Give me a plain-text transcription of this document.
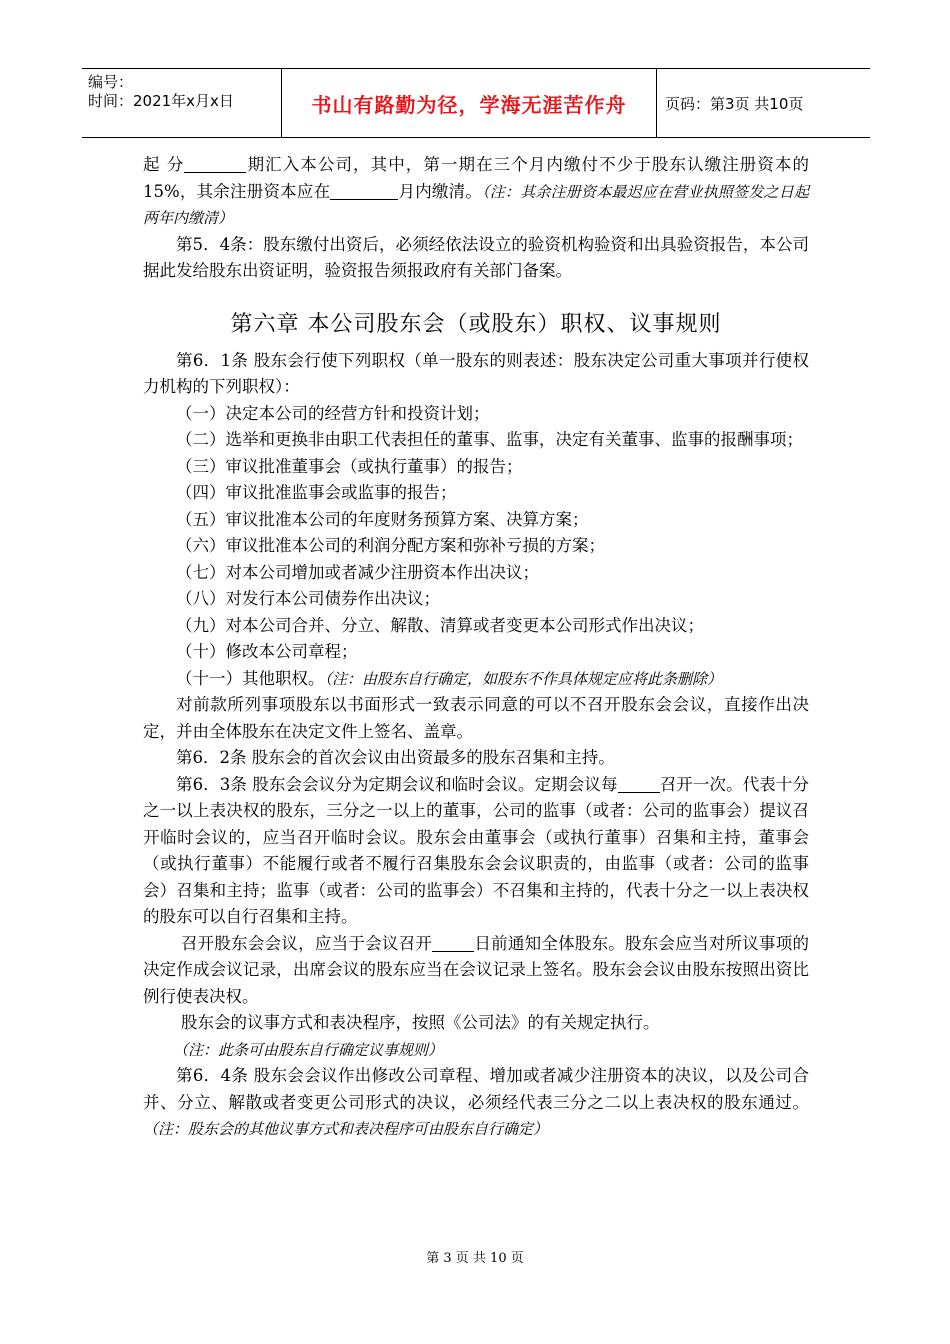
编号：
时间：2021年x月x日	书山有路勤为径，学海无涯苦作舟	页码：第3页 共10页

起 分	期汇入本公司，其中，第一期在三个月内缴付不少于股东认缴注册资本的15%，其余注册资本应在	月内缴清。（注：其余注册资本最迟应在营业执照签发之日起两年内缴清）

第5．4条：股东缴付出资后，必须经依法设立的验资机构验资和出具验资报告，本公司据此发给股东出资证明，验资报告须报政府有关部门备案。

第六章 本公司股东会（或股东）职权、议事规则

第6．1条 股东会行使下列职权（单一股东的则表述：股东决定公司重大事项并行使权力机构的下列职权）：

（一）决定本公司的经营方针和投资计划；

（二）选举和更换非由职工代表担任的董事、监事，决定有关董事、监事的报酬事项；

（三）审议批准董事会（或执行董事）的报告；

（四）审议批准监事会或监事的报告；

（五）审议批准本公司的年度财务预算方案、决算方案；

（六）审议批准本公司的利润分配方案和弥补亏损的方案；

（七）对本公司增加或者减少注册资本作出决议；

（八）对发行本公司债券作出决议；

（九）对本公司合并、分立、解散、清算或者变更本公司形式作出决议；

（十）修改本公司章程；

（十一）其他职权。（注：由股东自行确定，如股东不作具体规定应将此条删除）

对前款所列事项股东以书面形式一致表示同意的可以不召开股东会会议，直接作出决定，并由全体股东在决定文件上签名、盖章。

第6．2条 股东会的首次会议由出资最多的股东召集和主持。

第6．3条 股东会会议分为定期会议和临时会议。定期会议每	召开一次。代表十分之一以上表决权的股东，三分之一以上的董事，公司的监事（或者：公司的监事会）提议召开临时会议的，应当召开临时会议。股东会由董事会（或执行董事）召集和主持，董事会（或执行董事）不能履行或者不履行召集股东会会议职责的，由监事（或者：公司的监事会）召集和主持；监事（或者：公司的监事会）不召集和主持的，代表十分之一以上表决权的股东可以自行召集和主持。

召开股东会会议，应当于会议召开	日前通知全体股东。股东会应当对所议事项的决定作成会议记录，出席会议的股东应当在会议记录上签名。股东会会议由股东按照出资比例行使表决权。

股东会的议事方式和表决程序，按照《公司法》的有关规定执行。

（注：此条可由股东自行确定议事规则）

第6．4条 股东会会议作出修改公司章程、增加或者减少注册资本的决议，以及公司合并、分立、解散或者变更公司形式的决议，必须经代表三分之二以上表决权的股东通过。（注：股东会的其他议事方式和表决程序可由股东自行确定）

第 3 页 共 10 页
